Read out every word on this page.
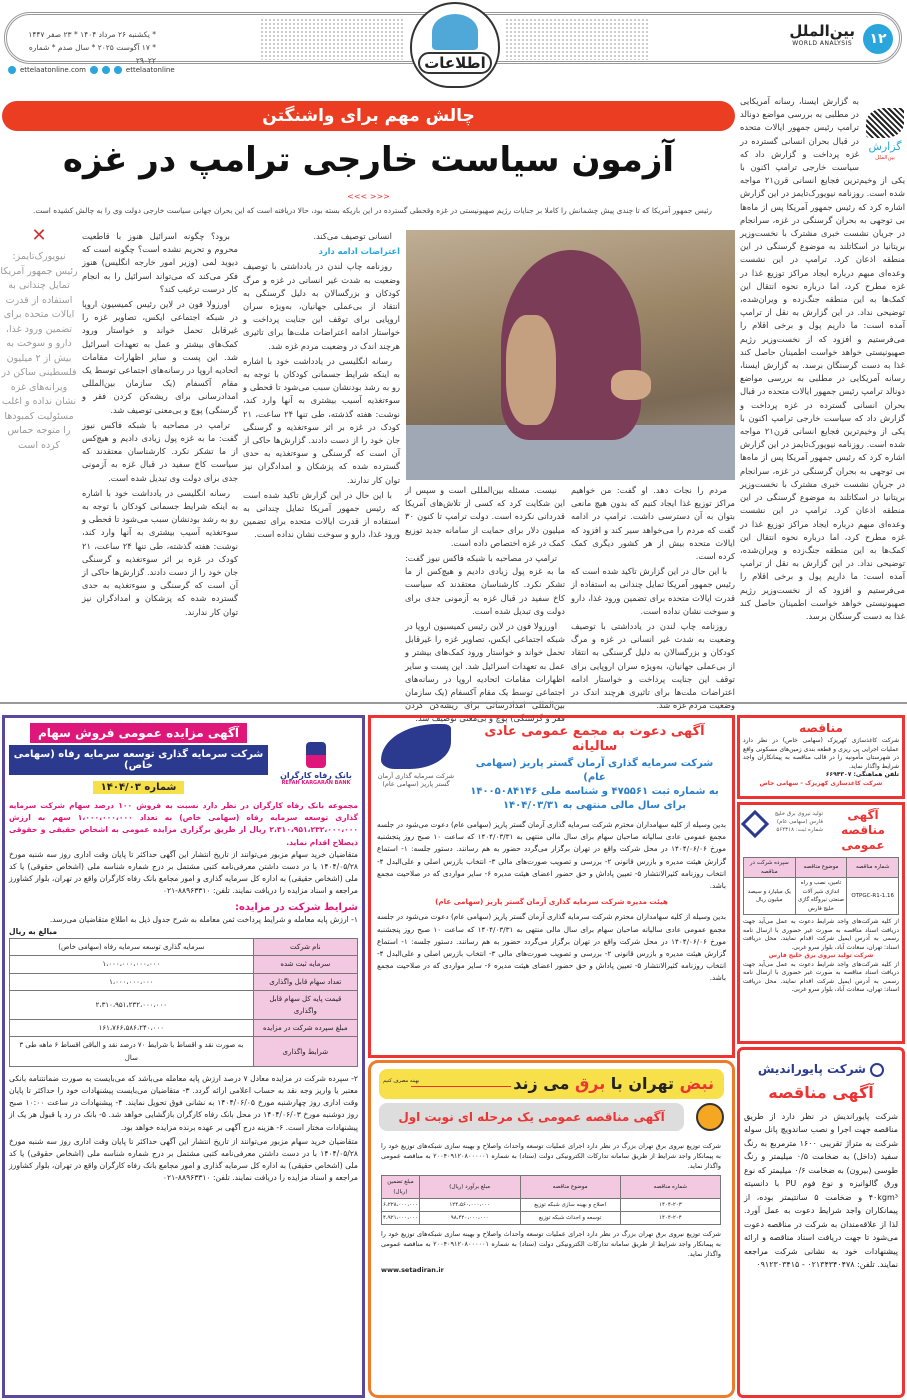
۱۲
بین‌الملل
WORLD ANALYSIS
اطلاعات
* یکشنبه ۲۶ مرداد ۱۴۰۴ * ۲۳ صفر ۱۴۴۷
* ۱۷ آگوست ۲۰۲۵ * سال صدم * شماره ۲۹۰۲۲
ettelaatonline.com	ettelaatonline
چالش مهم برای واشنگتن
آزمون سیاست خارجی ترامپ در غزه
<<< >>>
رئیس جمهور آمریکا که تا چندی پیش چشمانش را کاملا بر جنایات رژیم صهیونیستی در غزه وقحطی گسترده در این باریکه بسته بود، حالا دریافته است که این بحران جهانی سیاست خارجی دولت وی را به چالش کشیده است.
گزارش
بین‌الملل

به گزارش ایسنا، رسانه آمریکایی در مطلبی به بررسی مواضع دونالد ترامپ رئیس جمهور ایالات متحده در قبال بحران انسانی گسترده در غزه پرداخت و گزارش داد که سیاست خارجی ترامپ اکنون با یکی از وخیم‌ترین فجایع انسانی قرن۲۱ مواجه شده است. روزنامه نیویورک‌تایمز در این گزارش اشاره کرد که رئیس جمهور آمریکا پس از ماه‌ها بی توجهی به بحران گرسنگی در غزه، سرانجام در جریان نشست خبری مشترک با نخست‌وزیر بریتانیا در اسکاتلند به موضوع گرسنگی در این منطقه اذعان کرد. ترامپ در این نشست وعده‌ای مبهم درباره ایجاد مراکز توزیع غذا در غزه مطرح کرد، اما درباره نحوه انتقال این کمک‌ها به این منطقه جنگ‌زده و ویران‌شده، توضیحی نداد. در این گزارش به نقل از ترامپ آمده است: ما داریم پول و برخی اقلام را می‌فرستیم و افزود که از نخست‌وزیر رژیم صهیونیستی خواهد خواست اطمینان حاصل کند غذا به دست گرسنگان برسد. به گزارش ایسنا، رسانه آمریکایی در مطلبی به بررسی مواضع دونالد ترامپ رئیس جمهور ایالات متحده در قبال بحران انسانی گسترده در غزه پرداخت و گزارش داد که سیاست خارجی ترامپ اکنون با یکی از وخیم‌ترین فجایع انسانی قرن۲۱ مواجه شده است. روزنامه نیویورک‌تایمز در این گزارش اشاره کرد که رئیس جمهور آمریکا پس از ماه‌ها بی توجهی به بحران گرسنگی در غزه، سرانجام در جریان نشست خبری مشترک با نخست‌وزیر بریتانیا در اسکاتلند به موضوع گرسنگی در این منطقه اذعان کرد. ترامپ در این نشست وعده‌ای مبهم درباره ایجاد مراکز توزیع غذا در غزه مطرح کرد، اما درباره نحوه انتقال این کمک‌ها به این منطقه جنگ‌زده و ویران‌شده، توضیحی نداد. در این گزارش به نقل از ترامپ آمده است: ما داریم پول و برخی اقلام را می‌فرستیم و افزود که از نخست‌وزیر رژیم صهیونیستی خواهد خواست اطمینان حاصل کند غذا به دست گرسنگان برسد.

مردم را نجات دهد. او گفت: من خواهیم مراکز توزیع غذا ایجاد کنیم که بدون هیچ مانعی بتوان به آن دسترسی داشت. ترامپ در ادامه گفت که مردم را می‌خواهد سیر کند و افزود که ایالات متحده بیش از هر کشور دیگری کمک کرده است.

با این حال در این گزارش تاکید شده است که رئیس جمهور آمریکا تمایل چندانی به استفاده از قدرت ایالات متحده برای تضمین ورود غذا، دارو و سوخت نشان نداده است.

روزنامه چاپ لندن در یادداشتی با توصیف وضعیت به شدت غیر انسانی در غزه و مرگ کودکان و بزرگسالان به دلیل گرسنگی به انتقاد از بی‌عملی جهانیان، به‌ویژه سران اروپایی برای توقف این جنایت پرداخت و خواستار ادامه اعتراضات ملت‌ها برای تاثیری هرچند اندک در وضعیت مردم غزه شد.

نیست. مسئله بین‌المللی است و سپس از این شکایت کرد که کسی از تلاش‌های آمریکا قدردانی نکرده است. دولت ترامپ تا کنون ۳۰ میلیون دلار برای حمایت از سامانه جدید توزیع کمک در غزه اختصاص داده است.

ترامپ در مصاحبه با شبکه فاکس نیوز گفت: ما به غزه پول زیادی دادیم و هیچ‌کس از ما تشکر نکرد. کارشناسان معتقدند که سیاست کاخ سفید در قبال غزه به آزمونی جدی برای دولت وی تبدیل شده است.

اورزولا فون در لاین رئیس کمیسیون اروپا در شبکه اجتماعی ایکس، تصاویر غزه را غیرقابل تحمل خواند و خواستار ورود کمک‌های بیشتر و عمل به تعهدات اسرائیل شد. این پست و سایر اظهارات مقامات اتحادیه اروپا در رسانه‌های اجتماعی توسط یک مقام آکسفام (یک سازمان بین‌المللی امدادرسانی برای ریشه‌کن کردن فقر و گرسنگی) پوچ و بی‌معنی توصیف شد.

انسانی توصیف می‌کند.

اعتراضات ادامه دارد

روزنامه چاپ لندن در یادداشتی با توصیف وضعیت به شدت غیر انسانی در غزه و مرگ کودکان و بزرگسالان به دلیل گرسنگی به انتقاد از بی‌عملی جهانیان، به‌ویژه سران اروپایی برای توقف این جنایت پرداخت و خواستار ادامه اعتراضات ملت‌ها برای تاثیری هرچند اندک در وضعیت مردم غزه شد.

رسانه انگلیسی در یادداشت خود با اشاره به اینکه شرایط جسمانی کودکان با توجه به رو به رشد بودنشان سبب می‌شود تا قحطی و سوءتغذیه آسیب بیشتری به آنها وارد کند، نوشت: هفته گذشته، طی تنها ۲۴ ساعت، ۲۱ کودک در غزه بر اثر سوءتغذیه و گرسنگی جان خود را از دست دادند. گزارش‌ها حاکی از آن است که گرسنگی و سوءتغذیه به حدی گسترده شده که پزشکان و امدادگران نیز توان کار ندارند.

با این حال در این گزارش تاکید شده است که رئیس جمهور آمریکا تمایل چندانی به استفاده از قدرت ایالات متحده برای تضمین ورود غذا، دارو و سوخت نشان نداده است.

برود؟ چگونه اسرائیل هنوز با قاطعیت محروم و تحریم نشده است؟ چگونه است که دیوید لمی (وزیر امور خارجه انگلیس) هنوز فکر می‌کند که می‌تواند اسرائیل را به انجام کار درست ترغیب کند؟

اورزولا فون در لاین رئیس کمیسیون اروپا در شبکه اجتماعی ایکس، تصاویر غزه را غیرقابل تحمل خواند و خواستار ورود کمک‌های بیشتر و عمل به تعهدات اسرائیل شد. این پست و سایر اظهارات مقامات اتحادیه اروپا در رسانه‌های اجتماعی توسط یک مقام آکسفام (یک سازمان بین‌المللی امدادرسانی برای ریشه‌کن کردن فقر و گرسنگی) پوچ و بی‌معنی توصیف شد.

ترامپ در مصاحبه با شبکه فاکس نیوز گفت: ما به غزه پول زیادی دادیم و هیچ‌کس از ما تشکر نکرد. کارشناسان معتقدند که سیاست کاخ سفید در قبال غزه به آزمونی جدی برای دولت وی تبدیل شده است.

رسانه انگلیسی در یادداشت خود با اشاره به اینکه شرایط جسمانی کودکان با توجه به رو به رشد بودنشان سبب می‌شود تا قحطی و سوءتغذیه آسیب بیشتری به آنها وارد کند، نوشت: هفته گذشته، طی تنها ۲۴ ساعت، ۲۱ کودک در غزه بر اثر سوءتغذیه و گرسنگی جان خود را از دست دادند. گزارش‌ها حاکی از آن است که گرسنگی و سوءتغذیه به حدی گسترده شده که پزشکان و امدادگران نیز توان کار ندارند.

✕
نیویورک‌تایمز: رئیس جمهور آمریکا تمایل چندانی به استفاده از قدرت ایالات متحده برای تضمین ورود غذا، دارو و سوخت به بیش از ۲ میلیون فلسطینی ساکن در ویرانه‌های غزه نشان نداده و اغلب مسئولیت کمبودها را متوجه حماس کرده است
بانک رفاه کارگران
REFAH KARGARAN BANK
آگهی مزایده عمومی فروش سهام
شرکت سرمایه گذاری توسعه سرمایه رفاه (سهامی خاص)
شماره ۱۴۰۴/۰۳
مجموعه بانک رفاه کارگران در نظر دارد نسبت به فروش ۱۰۰ درصد سهام شرکت سرمایه گذاری توسعه سرمایه رفاه (سهامی خاص) به تعداد ۱،۰۰۰،۰۰۰،۰۰۰ سهم به ارزش ۲،۳۱۰،۹۵۱،۲۳۲،۰۰۰،۰۰۰ ریال از طریق برگزاری مزایده عمومی به اشخاص حقیقی و حقوقی ذیصلاح اقدام نماید.
متقاضیان خرید سهام مزبور می‌توانند از تاریخ انتشار این آگهی حداکثر تا پایان وقت اداری روز سه شنبه مورخ ۱۴۰۴/۰۵/۲۸ با در دست داشتن معرفی‌نامه کتبی مشتمل بر درج شماره شناسه ملی (اشخاص حقوقی) یا کد ملی (اشخاص حقیقی) به اداره کل سرمایه گذاری و امور مجامع بانک رفاه کارگران واقع در تهران، بلوار کشاورز مراجعه و اسناد مزایده را دریافت نمایند. تلفن: ۸۸۹۶۳۳۱۰-۰۲۱
شرایط شرکت در مزایده:
۱- ارزش پایه معامله و شرایط پرداخت ثمن معامله به شرح جدول ذیل به اطلاع متقاضیان می‌رسد.
مبالغ به ریال
نام شرکت	سرمایه گذاری توسعه سرمایه رفاه (سهامی خاص)
سرمایه ثبت شده	۱،۰۰۰،۰۰۰،۰۰۰،۰۰۰
تعداد سهام قابل واگذاری	۱،۰۰۰،۰۰۰،۰۰۰
قیمت پایه کل سهام قابل واگذاری	۲،۳۱۰،۹۵۱،۲۳۲،۰۰۰،۰۰۰
مبلغ سپرده شرکت در مزایده	۱۶۱،۷۶۶،۵۸۶،۲۴۰،۰۰۰
شرایط واگذاری	به صورت نقد و اقساط با شرایط ۷۰ درصد نقد و الباقی اقساط ۶ ماهه طی ۳ سال
۲- سپرده شرکت در مزایده معادل ۷ درصد ارزش پایه معامله می‌باشد که می‌بایست به صورت ضمانتنامه بانکی معتبر یا واریز وجه نقد به حساب اعلامی ارائه گردد. ۳- متقاضیان می‌بایست پیشنهادات خود را حداکثر تا پایان وقت اداری روز چهارشنبه مورخ ۱۴۰۴/۰۶/۰۵ به نشانی فوق تحویل نمایند. ۴- پیشنهادات در ساعت ۱۰:۰۰ صبح روز دوشنبه مورخ ۱۴۰۴/۰۶/۰۳ در محل بانک رفاه کارگران بازگشایی خواهد شد. ۵- بانک در رد یا قبول هر یک از پیشنهادات مختار است. ۶- هزینه درج آگهی بر عهده برنده مزایده خواهد بود.
متقاضیان خرید سهام مزبور می‌توانند از تاریخ انتشار این آگهی حداکثر تا پایان وقت اداری روز سه شنبه مورخ ۱۴۰۴/۰۵/۲۸ با در دست داشتن معرفی‌نامه کتبی مشتمل بر درج شماره شناسه ملی (اشخاص حقوقی) یا کد ملی (اشخاص حقیقی) به اداره کل سرمایه گذاری و امور مجامع بانک رفاه کارگران واقع در تهران، بلوار کشاورز مراجعه و اسناد مزایده را دریافت نمایند. تلفن: ۸۸۹۶۳۳۱۰-۰۲۱
آگهی دعوت به مجمع عمومی عادی سالیانه
شرکت سرمایه گذاری آرمان گستر پاریز (سهامی عام)
به شماره ثبت ۴۷۵۵۶۱ و شناسه ملی ۱۴۰۰۵۰۸۴۱۴۶
برای سال مالی منتهی به ۱۴۰۴/۰۳/۳۱
شرکت سرمایه گذاری آرمان گستر پاریز (سهامی عام)
بدین وسیله از کلیه سهامداران محترم شرکت سرمایه گذاری آرمان گستر پاریز (سهامی عام) دعوت می‌شود در جلسه مجمع عمومی عادی سالیانه صاحبان سهام برای سال مالی منتهی به ۱۴۰۴/۰۳/۳۱ که ساعت ۱۰ صبح روز پنجشنبه مورخ ۱۴۰۴/۰۶/۰۶ در محل شرکت واقع در تهران برگزار می‌گردد حضور به هم رسانند. دستور جلسه: ۱- استماع گزارش هیئت مدیره و بازرس قانونی ۲- بررسی و تصویب صورت‌های مالی ۳- انتخاب بازرس اصلی و علی‌البدل ۴- انتخاب روزنامه کثیرالانتشار ۵- تعیین پاداش و حق حضور اعضای هیئت مدیره ۶- سایر مواردی که در صلاحیت مجمع باشد.
هیئت مدیره شرکت سرمایه گذاری آرمان گستر پاریز (سهامی عام)
بدین وسیله از کلیه سهامداران محترم شرکت سرمایه گذاری آرمان گستر پاریز (سهامی عام) دعوت می‌شود در جلسه مجمع عمومی عادی سالیانه صاحبان سهام برای سال مالی منتهی به ۱۴۰۴/۰۳/۳۱ که ساعت ۱۰ صبح روز پنجشنبه مورخ ۱۴۰۴/۰۶/۰۶ در محل شرکت واقع در تهران برگزار می‌گردد حضور به هم رسانند. دستور جلسه: ۱- استماع گزارش هیئت مدیره و بازرس قانونی ۲- بررسی و تصویب صورت‌های مالی ۳- انتخاب بازرس اصلی و علی‌البدل ۴- انتخاب روزنامه کثیرالانتشار ۵- تعیین پاداش و حق حضور اعضای هیئت مدیره ۶- سایر مواردی که در صلاحیت مجمع باشد.
نبض تهران با برق می زند
بهینه مصرف کنیم
آگهی مناقصه عمومی یک مرحله ای نوبت اول
شرکت توزیع نیروی برق تهران بزرگ در نظر دارد اجرای عملیات توسعه واحداث واصلاح و بهینه سازی شبکه‌های توزیع خود را به پیمانکار واجد شرایط از طریق سامانه تدارکات الکترونیکی دولت (ستاد) به شماره ۲۰۰۴۰۹۱۲۰۸۰۰۰۰۰۱ به مناقصه عمومی واگذار نماید.
شماره مناقصه	موضوع مناقصه	مبلغ برآورد (ریال)	مبلغ تضمین (ریال)
۱۴۰۴-۲۰۳	اصلاح و بهینه سازی شبکه توزیع	۱۲۴،۵۶۰،۰۰۰،۰۰۰	۶،۲۲۸،۰۰۰،۰۰۰
۱۴۰۴-۲۰۴	توسعه و احداث شبکه توزیع	۹۸،۴۲۰،۰۰۰،۰۰۰	۴،۹۲۱،۰۰۰،۰۰۰
شرکت توزیع نیروی برق تهران بزرگ در نظر دارد اجرای عملیات توسعه واحداث واصلاح و بهینه سازی شبکه‌های توزیع خود را به پیمانکار واجد شرایط از طریق سامانه تدارکات الکترونیکی دولت (ستاد) به شماره ۲۰۰۴۰۹۱۲۰۸۰۰۰۰۰۱ به مناقصه عمومی واگذار نماید.
www.setadiran.ir
مناقصه
شرکت کاغذسازی کهریزک (سهامی خاص) در نظر دارد عملیات اجرایی پی ریزی و قطعه بندی زمین‌های مسکونی واقع در شهرستان مأمونیه را در قالب مناقصه به پیمانکاران واجد شرایط واگذار نماید.
تلفن هماهنگی: ۶۶۹۴۳۰۷
شرکت کاغذسازی کهریزک - سهامی خاص
آگهی مناقصه عمومی
تولید نیروی برق خلیج فارس (سهامی عام)
شماره ثبت: ۵۶۴۳۱۸
شماره مناقصه	موضوع مناقصه	سپرده شرکت در مناقصه
OTPGC-R1-1.16	تامین، نصب و راه اندازی شیر آلات صنعتی نیروگاه گازی خلیج فارس	یک میلیارد و سیصد میلیون ریال
از کلیه شرکت‌های واجد شرایط دعوت به عمل می‌آید جهت دریافت اسناد مناقصه به صورت غیر حضوری با ارسال نامه رسمی به آدرس ایمیل شرکت اقدام نمایند. محل دریافت اسناد: تهران، سعادت آباد، بلوار سرو غربی.
شرکت تولید نیروی برق خلیج فارس
از کلیه شرکت‌های واجد شرایط دعوت به عمل می‌آید جهت دریافت اسناد مناقصه به صورت غیر حضوری با ارسال نامه رسمی به آدرس ایمیل شرکت اقدام نمایند. محل دریافت اسناد: تهران، سعادت آباد، بلوار سرو غربی.
شرکت پایوراندیش
آگهی مناقصه
شرکت پایوراندیش در نظر دارد از طریق مناقصه جهت اجرا و نصب ساندویچ پانل سوله شرکت به متراژ تقریبی ۱۶۰۰ مترمربع به رنگ سفید (داخل) به ضخامت ۰/۵ میلیمتر و رنگ طوسی (بیرون) به ضخامت ۰/۶ میلیمتر که نوع ورق گالوانیزه و نوع فوم PU با دانسیته ۴۰kgm³ و ضخامت ۵ سانتیمتر بوده، از پیمانکاران واجد شرایط دعوت به عمل آورد. لذا از علاقه‌مندان به شرکت در مناقصه دعوت می‌شود تا جهت دریافت اسناد مناقصه و ارائه پیشنهادات خود به نشانی شرکت مراجعه نمایند. تلفن: ۰۲۱۳۴۳۴۰۴۷۸ - ۰۹۱۲۳۰۳۴۱۵
